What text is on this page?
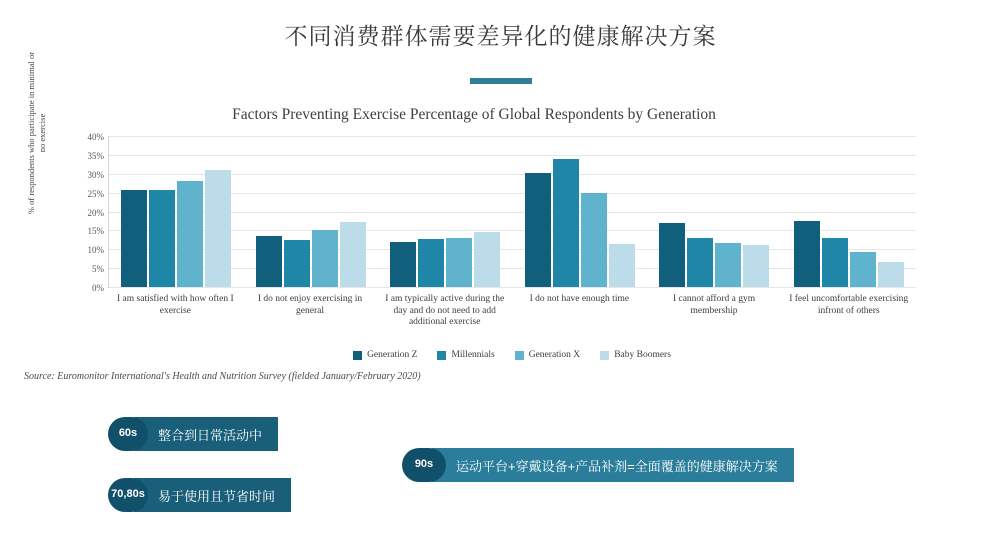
不同消费群体需要差异化的健康解决方案
Factors Preventing Exercise Percentage of Global Respondents by Generation
% of respondents who participate in minimal or no exercise
0%
5%
10%
15%
20%
25%
30%
35%
40%
I am satisfied with how often I exercise
I do not enjoy exercising in general
I am typically active during the day and do not need to add additional exercise
I do not have enough time	I cannot afford a gym membership
I feel uncomfortable exercising infront of others
Generation Z	Millennials	Generation X	Baby Boomers
Source: Euromonitor International's Health and Nutrition Survey (fielded January/February 2020)
60s	整合到日常活动中
70, 80s	易于使用且节省时间
90s	运动平台+穿戴设备+产品补剂=全面覆盖的健康解决方案
